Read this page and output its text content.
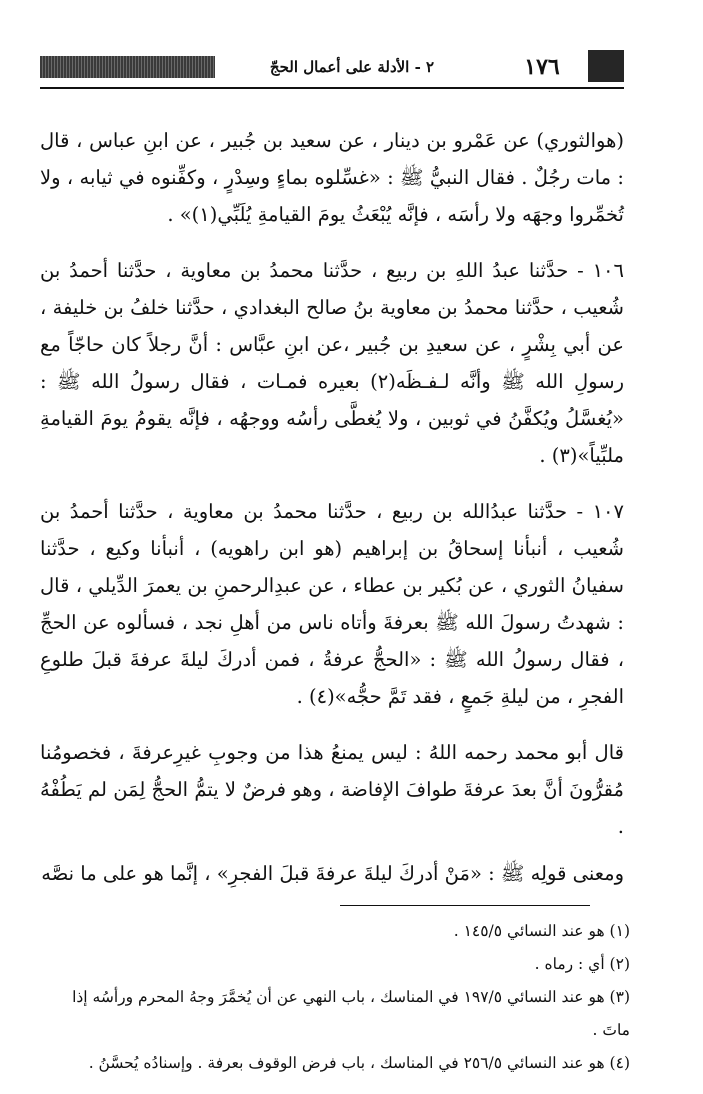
٢ - الأدلة على أعمال الحجّ	١٧٦

(هوالثوري) عن عَمْرو بن دينار ، عن سعيد بن جُبير ، عن ابنِ عباس ، قال : مات رجُلٌ . فقال النبيُّ ﷺ : «غسِّلوه بماءٍ وسِدْرٍ ، وكفِّنوه في ثيابه ، ولا تُخمِّروا وجهَه ولا رأسَه ، فإنَّه يُبْعَثُ يومَ القيامةِ يُلَبِّي(١)» .

١٠٦ - حدَّثنا عبدُ اللهِ بن ربيع ، حدَّثنا محمدُ بن معاوية ، حدَّثنا أحمدُ بن شُعيب ، حدَّثنا محمدُ بن معاوية بنُ صالح البغدادي ، حدَّثنا خلفُ بن خليفة ، عن أبي بِشْرٍ ، عن سعيدِ بن جُبير ،عن ابنِ عبَّاس : أنَّ رجلاً كان حاجّاً مع رسولِ الله ﷺ وأنَّه لـفـظَه(٢) بعيره فمـات ، فقال رسولُ الله ﷺ : «يُغسَّلُ ويُكفَّنُ في ثوبين ، ولا يُغطَّى رأسُه ووجهُه ، فإنَّه يقومُ يومَ القيامةِ ملبِّياً»(٣) .

١٠٧ - حدَّثنا عبدُالله بن ربيع ، حدَّثنا محمدُ بن معاوية ، حدَّثنا أحمدُ بن شُعيب ، أنبأنا إسحاقُ بن إبراهيم (هو ابن راهويه) ، أنبأنا وكيع ، حدَّثنا سفيانُ الثوري ، عن بُكير بن عطاء ، عن عبدِالرحمنِ بن يعمرَ الدِّيلي ، قال : شهدتُ رسولَ الله ﷺ بعرفةَ وأتاه ناس من أهلِ نجد ، فسألوه عن الحجِّ ، فقال رسولُ الله ﷺ : «الحجُّ عرفةُ ، فمن أدركَ ليلةَ عرفةَ قبلَ طلوعِ الفجرِ ، من ليلةِ جَمعٍ ، فقد تَمَّ حجُّه»(٤) .

قال أبو محمد رحمه اللهُ : ليس يمنعُ هذا من وجوبِ غيرِعرفةَ ، فخصومُنا مُقرُّونَ أنَّ بعدَ عرفةَ طوافَ الإفاضة ، وهو فرضٌ لا يتمُّ الحجُّ لِمَن لم يَطُفْهُ .

ومعنى قولِه ﷺ : «مَنْ أدركَ ليلةَ عرفةَ قبلَ الفجرِ» ، إنَّما هو على ما نصَّه

(١) هو عند النسائي ١٤٥/٥ .

(٢) أي : رماه .

(٣) هو عند النسائي ١٩٧/٥ في المناسك ، باب النهي عن أن يُخمَّرَ وجهُ المحرم ورأسُه إذا ماتَ .

(٤) هو عند النسائي ٢٥٦/٥ في المناسك ، باب فرض الوقوف بعرفة . وإسنادُه يُحسَّنُ .
